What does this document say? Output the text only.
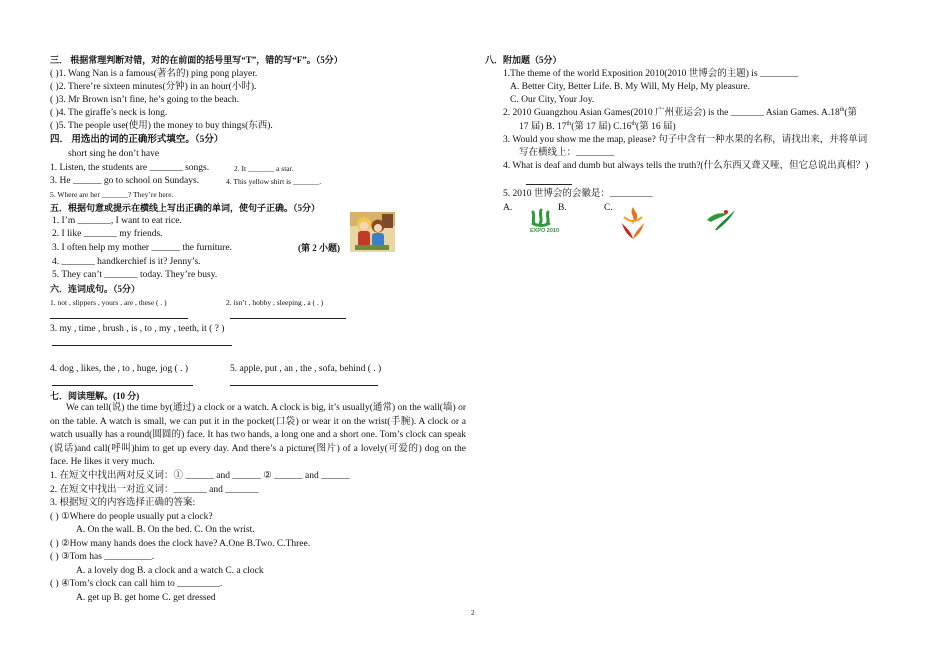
三． 根据常理判断对错，对的在前面的括号里写“T”，错的写“F”。（5分）
( )1. Wang Nan is a famous(著名的) ping pong player.
( )2. There’re sixteen minutes(分钟) in an hour(小时).
( )3. Mr Brown isn’t fine, he’s going to the beach.
( )4. The giraffe’s neck is long.
( )5. The people use(使用) the money to buy things(东西).
四． 用选出的词的正确形式填空。（5分）
short sing he don’t have
1. Listen, the students are _______ songs.	2. It _______ a star.
3. He ______ go to school on Sundays.	4. This yellow shirt is _______.
5. Where are her _______? They’re here.
五．根据句意或提示在横线上写出正确的单词，使句子正确。（5分）
1. I’m _______, I want to eat rice.
2. I like _______ my friends.
3. I often help my mother ______ the furniture.	(第 2 小题)
4. _______ handkerchief is it? Jenny’s.
5. They can’t _______ today. They’re busy.
六．连词成句。（5分）
1. not , slippers , yours , are , these ( . )	2. isn’t , hobby , sleeping , a ( . )
3. my , time , brush , is , to , my , teeth, it ( ? )
4. dog , likes, the , to , huge, jog ( . )	5. apple, put , an , the , sofa, behind ( . )
七．阅读理解。(10 分)
We can tell(说) the time by(通过) a clock or a watch. A clock is big, it’s usually(通常) on the wall(墙) or on the table. A watch is small, we can put it in the pocket(口袋) or wear it on the wrist(手腕). A clock or a watch usually has a round(圆圆的) face. It has two hands, a long one and a short one. Tom’s clock can speak (说话)and call(呼叫)him to get up every day. And there’s a picture(图片) of a lovely(可爱的) dog on the face. He likes it very much.
1. 在短文中找出两对反义词：① ______ and ______ ② ______ and ______
2. 在短文中找出一对近义词：_______ and _______
3. 根据短文的内容选择正确的答案:
( ) ①Where do people usually put a clock?
A. On the wall. B. On the bed. C. On the wrist.
( ) ②How many hands does the clock have? A.One B.Two. C.Three.
( ) ③Tom has __________.
A. a lovely dog B. a clock and a watch C. a clock
( ) ④Tom’s clock can call him to _________.
A. get up B. get home C. get dressed
八．附加题（5分）
1.The theme of the world Exposition 2010(2010 世博会的主题) is ________
A. Better City, Better Life. B. My Will, My Help, My pleasure.
C. Our City, Your Joy.
2. 2010 Guangzhou Asian Games(2010 广州亚运会) is the _______ Asian Games. A.18th(第
17 届) B. 17th(第 17 届) C.16th(第 16 届)
3. Would you show me the map, please? 句子中含有一种水果的名称，请找出来，并将单词
写在横线上：________
4. What is deaf and dumb but always tells the truth?(什么东西又聋又哑，但它总说出真相？)
5. 2010 世博会的会徽是：_________
A.	B.	C.
EXPO 2010
2
